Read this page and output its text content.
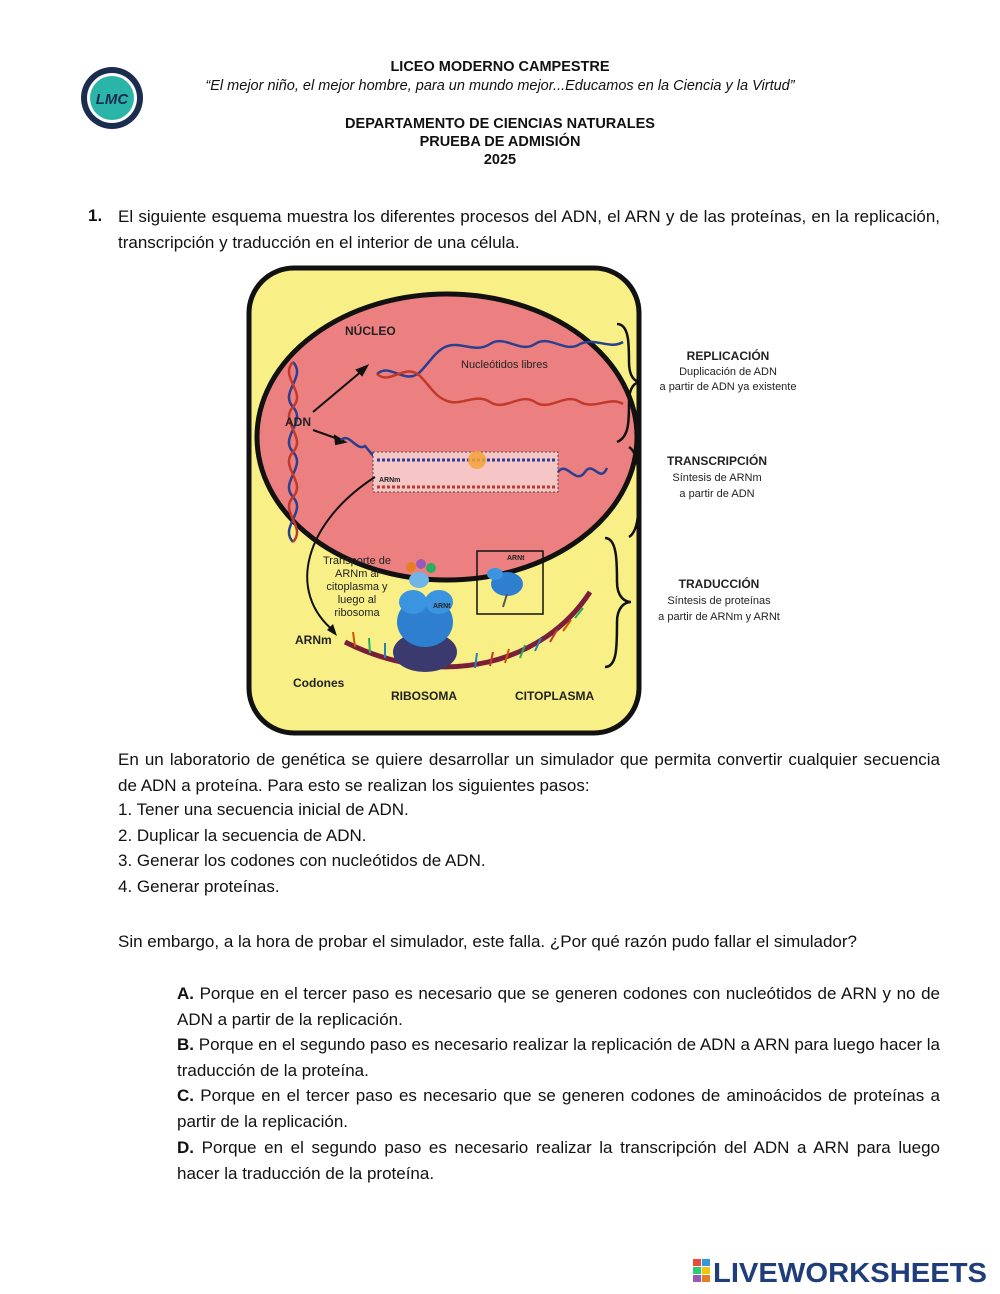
LMC
LICEO MODERNO CAMPESTRE
“El mejor niño, el mejor hombre, para un mundo mejor...Educamos en la Ciencia y la Virtud”
DEPARTAMENTO DE CIENCIAS NATURALES
PRUEBA DE ADMISIÓN
2025
1. El siguiente esquema muestra los diferentes procesos del ADN, el ARN y de las proteínas, en la replicación, transcripción y traducción en el interior de una célula.
NÚCLEO
ADN
Nucleótidos libres
ARNm
Transporte de
ARNm al
citoplasma y
luego al
ribosoma
ARNt
ARNt
ARNm
Codones
RIBOSOMA	CITOPLASMA
REPLICACIÓN
Duplicación de ADN
a partir de ADN ya existente
TRANSCRIPCIÓN
Síntesis de ARNm
a partir de ADN
TRADUCCIÓN
Síntesis de proteínas
a partir de ARNm y ARNt
En un laboratorio de genética se quiere desarrollar un simulador que permita convertir cualquier secuencia de ADN a proteína. Para esto se realizan los siguientes pasos:
1. Tener una secuencia inicial de ADN.
2. Duplicar la secuencia de ADN.
3. Generar los codones con nucleótidos de ADN.
4. Generar proteínas.
Sin embargo, a la hora de probar el simulador, este falla. ¿Por qué razón pudo fallar el simulador?
A. Porque en el tercer paso es necesario que se generen codones con nucleótidos de ARN y no de ADN a partir de la replicación.
B. Porque en el segundo paso es necesario realizar la replicación de ADN a ARN para luego hacer la traducción de la proteína.
C. Porque en el tercer paso es necesario que se generen codones de aminoácidos de proteínas a partir de la replicación.
D. Porque en el segundo paso es necesario realizar la transcripción del ADN a ARN para luego hacer la traducción de la proteína.
LIVEWORKSHEETS
